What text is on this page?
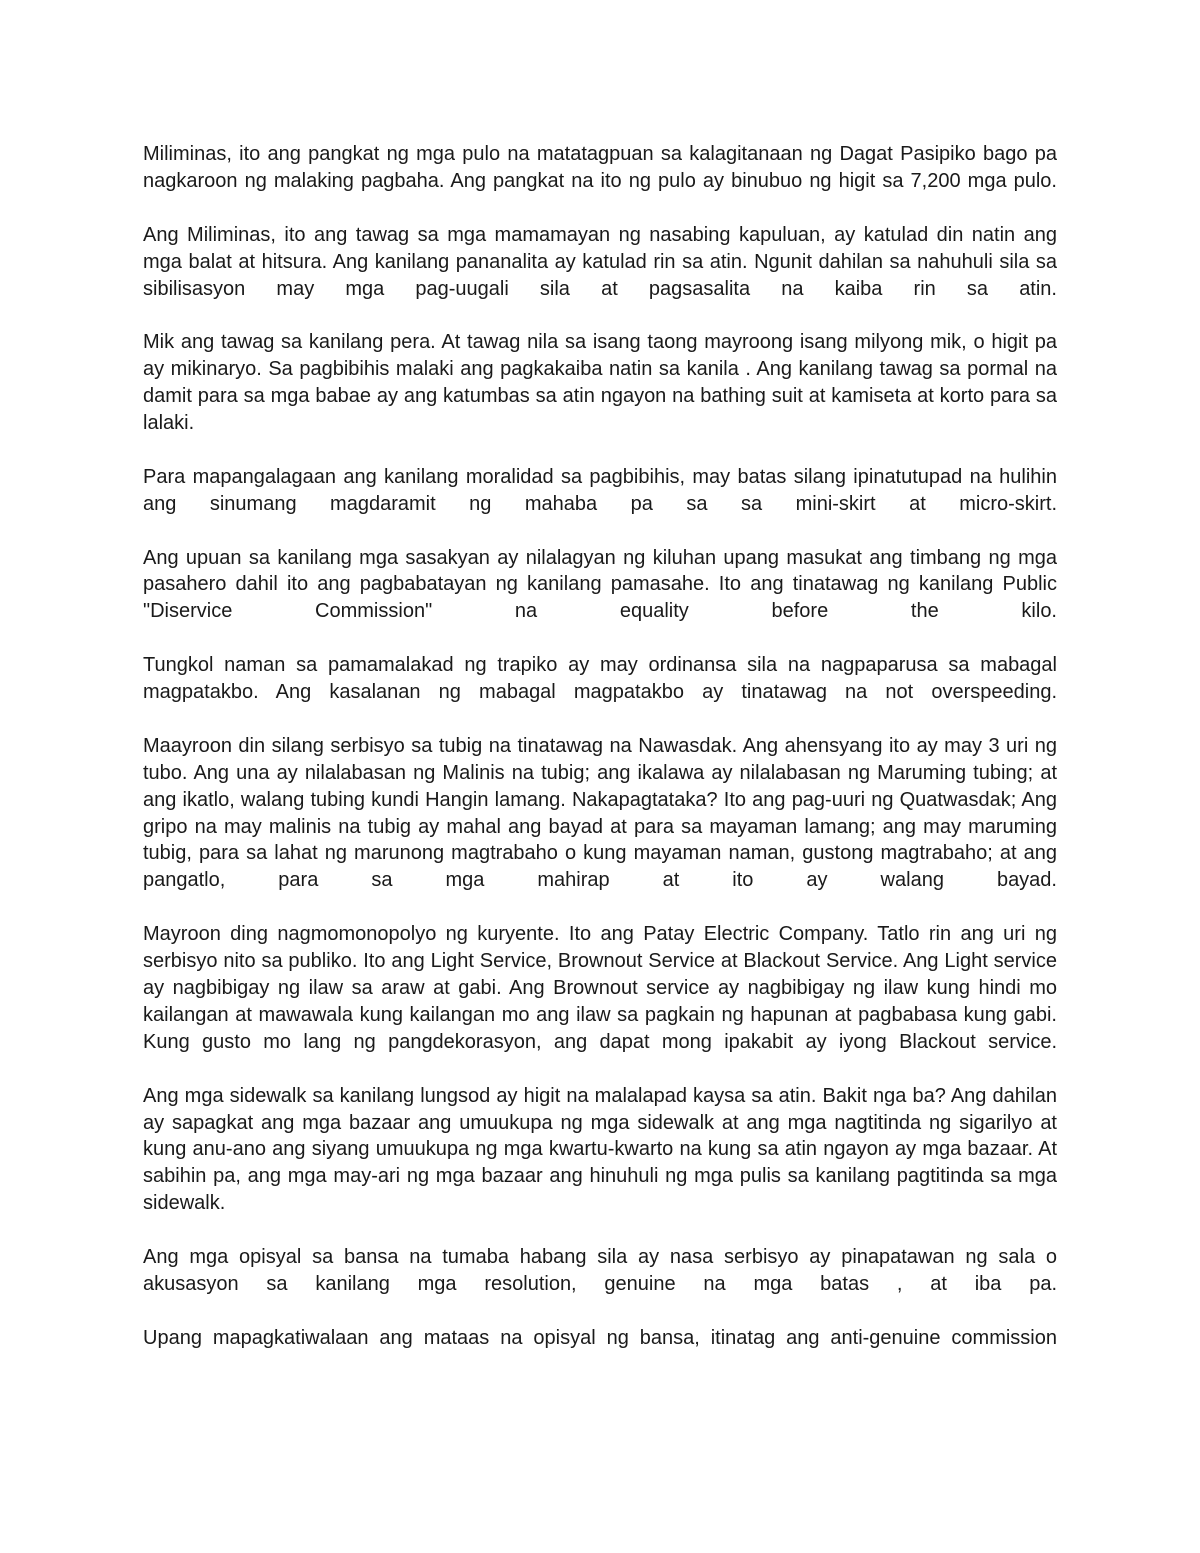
Miliminas, ito ang pangkat ng mga pulo na matatagpuan sa kalagitanaan ng Dagat Pasipiko bago pa nagkaroon ng malaking pagbaha. Ang pangkat na ito ng pulo ay binubuo ng higit sa 7,200 mga pulo.

Ang Miliminas, ito ang tawag sa mga mamamayan ng nasabing kapuluan, ay katulad din natin ang mga balat at hitsura. Ang kanilang pananalita ay katulad rin sa atin. Ngunit dahilan sa nahuhuli sila sa sibilisasyon may mga pag-uugali sila at pagsasalita na kaiba rin sa atin.

Mik ang tawag sa kanilang pera. At tawag nila sa isang taong mayroong isang milyong mik, o higit pa ay mikinaryo. Sa pagbibihis malaki ang pagkakaiba natin sa kanila . Ang kanilang tawag sa pormal na damit para sa mga babae ay ang katumbas sa atin ngayon na bathing suit at kamiseta at korto para sa lalaki.

Para mapangalagaan ang kanilang moralidad sa pagbibihis, may batas silang ipinatutupad na hulihin ang sinumang magdaramit ng mahaba pa sa sa mini-skirt at micro-skirt.

Ang upuan sa kanilang mga sasakyan ay nilalagyan ng kiluhan upang masukat ang timbang ng mga pasahero dahil ito ang pagbabatayan ng kanilang pamasahe. Ito ang tinatawag ng kanilang Public "Diservice Commission" na equality before the kilo.

Tungkol naman sa pamamalakad ng trapiko ay may ordinansa sila na nagpaparusa sa mabagal magpatakbo. Ang kasalanan ng mabagal magpatakbo ay tinatawag na not overspeeding.

Maayroon din silang serbisyo sa tubig na tinatawag na Nawasdak. Ang ahensyang ito ay may 3 uri ng tubo. Ang una ay nilalabasan ng Malinis na tubig; ang ikalawa ay nilalabasan ng Maruming tubing; at ang ikatlo, walang tubing kundi Hangin lamang. Nakapagtataka? Ito ang pag-uuri ng Quatwasdak; Ang gripo na may malinis na tubig ay mahal ang bayad at para sa mayaman lamang; ang may maruming tubig, para sa lahat ng marunong magtrabaho o kung mayaman naman, gustong magtrabaho; at ang pangatlo, para sa mga mahirap at ito ay walang bayad.

Mayroon ding nagmomonopolyo ng kuryente. Ito ang Patay Electric Company. Tatlo rin ang uri ng serbisyo nito sa publiko. Ito ang Light Service, Brownout Service at Blackout Service. Ang Light service ay nagbibigay ng ilaw sa araw at gabi. Ang Brownout service ay nagbibigay ng ilaw kung hindi mo kailangan at mawawala kung kailangan mo ang ilaw sa pagkain ng hapunan at pagbabasa kung gabi. Kung gusto mo lang ng pangdekorasyon, ang dapat mong ipakabit ay iyong Blackout service.

Ang mga sidewalk sa kanilang lungsod ay higit na malalapad kaysa sa atin. Bakit nga ba? Ang dahilan ay sapagkat ang mga bazaar ang umuukupa ng mga sidewalk at ang mga nagtitinda ng sigarilyo at kung anu-ano ang siyang umuukupa ng mga kwartu-kwarto na kung sa atin ngayon ay mga bazaar. At sabihin pa, ang mga may-ari ng mga bazaar ang hinuhuli ng mga pulis sa kanilang pagtitinda sa mga sidewalk.

Ang mga opisyal sa bansa na tumaba habang sila ay nasa serbisyo ay pinapatawan ng sala o akusasyon sa kanilang mga resolution, genuine na mga batas , at iba pa.

Upang mapagkatiwalaan ang mataas na opisyal ng bansa, itinatag ang anti-genuine commission
